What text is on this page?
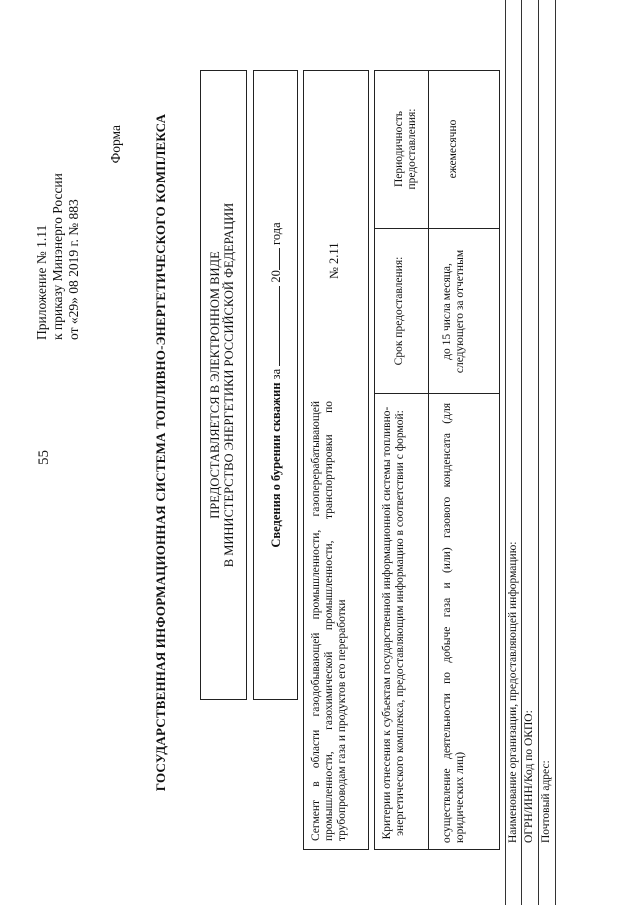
55
Приложение № 1.11 к приказу Минэнерго России от «29» 08 2019 г. № 883
Форма ГОСУДАРСТВЕННАЯ ИНФОРМАЦИОННАЯ СИСТЕМА ТОПЛИВНО-ЭНЕРГЕТИЧЕСКОГО КОМПЛЕКСА	ПРЕДОСТАВЛЯЕТСЯ В ЭЛЕКТРОННОМ ВИДЕ В МИНИСТЕРСТВО ЭНЕРГЕТИКИ РОССИЙСКОЙ ФЕДЕРАЦИИ	Сведения о бурении скважин за  20 года
Сегмент в области газодобывающей промышленности, газоперерабатывающей промышленности, газохимической промышленности, транспортировки по трубопроводам газа и продуктов его переработки
№ 2.11
Критерии отнесения к субъектам государственной информационной системы топливно-энергетического комплекса, предоставляющим информацию в соответствии с формой:
Срок предоставления:
Периодичность предоставления:
осуществление деятельности по добыче газа и (или) газового конденсата (для юридических лиц)
до 15 числа месяца, следующего за отчетным
ежемесячно
Наименование организации, предоставляющей информацию: ОГРН/ИНН/Код по ОКПО: Почтовый адрес:
